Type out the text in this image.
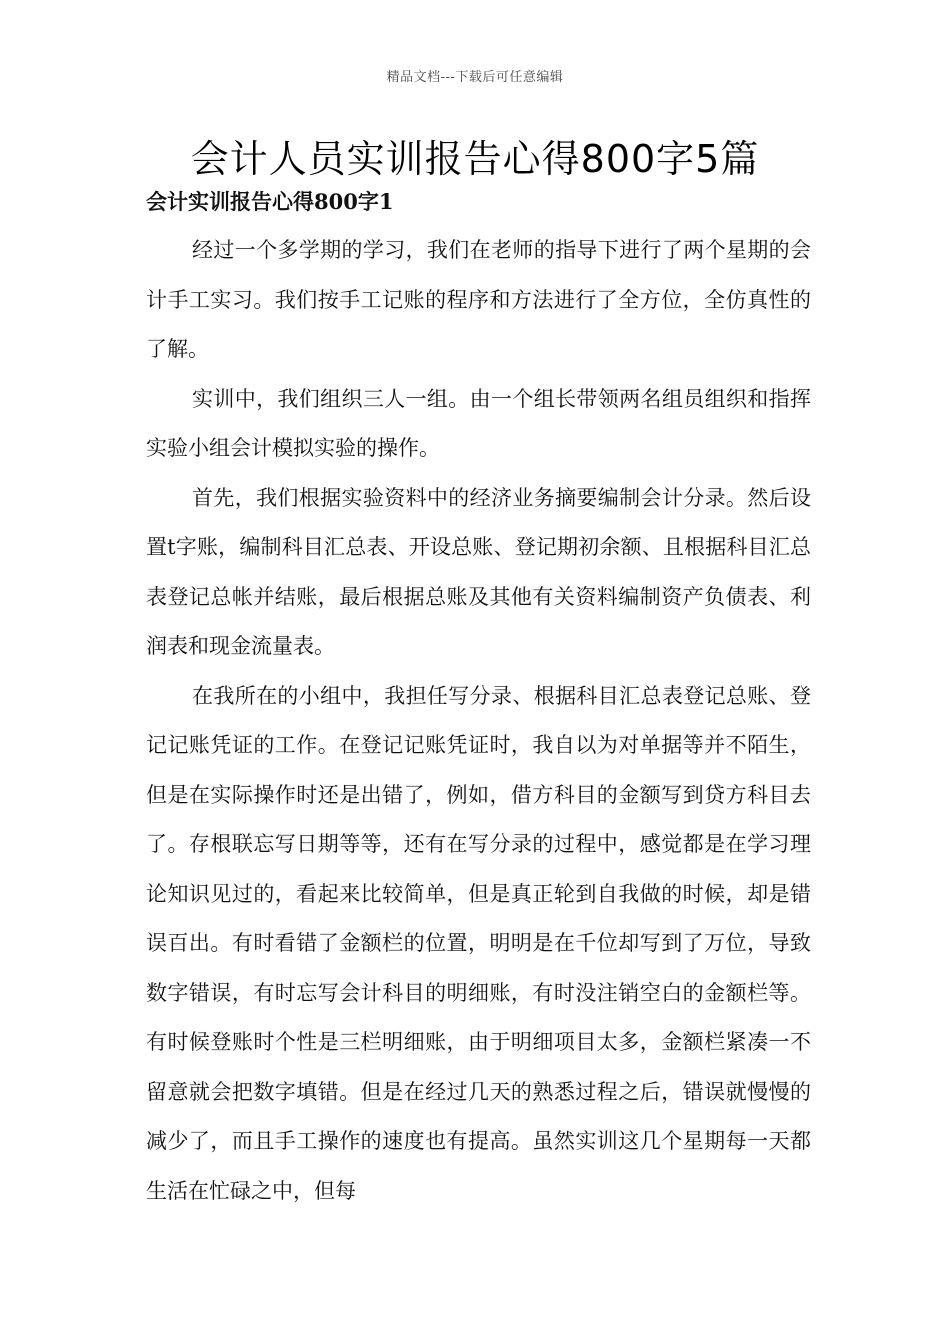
精品文档---下载后可任意编辑
会计人员实训报告心得800字5篇
会计实训报告心得800字1

经过一个多学期的学习，我们在老师的指导下进行了两个星期的会计手工实习。我们按手工记账的程序和方法进行了全方位，全仿真性的了解。

实训中，我们组织三人一组。由一个组长带领两名组员组织和指挥实验小组会计模拟实验的操作。

首先，我们根据实验资料中的经济业务摘要编制会计分录。然后设置t字账，编制科目汇总表、开设总账、登记期初余额、且根据科目汇总表登记总帐并结账，最后根据总账及其他有关资料编制资产负债表、利润表和现金流量表。

在我所在的小组中，我担任写分录、根据科目汇总表登记总账、登记记账凭证的工作。在登记记账凭证时，我自以为对单据等并不陌生，但是在实际操作时还是出错了，例如，借方科目的金额写到贷方科目去了。存根联忘写日期等等，还有在写分录的过程中，感觉都是在学习理论知识见过的，看起来比较简单，但是真正轮到自我做的时候，却是错误百出。有时看错了金额栏的位置，明明是在千位却写到了万位，导致数字错误，有时忘写会计科目的明细账，有时没注销空白的金额栏等。有时候登账时个性是三栏明细账，由于明细项目太多，金额栏紧凑一不留意就会把数字填错。但是在经过几天的熟悉过程之后，错误就慢慢的减少了，而且手工操作的速度也有提高。虽然实训这几个星期每一天都生活在忙碌之中，但每
